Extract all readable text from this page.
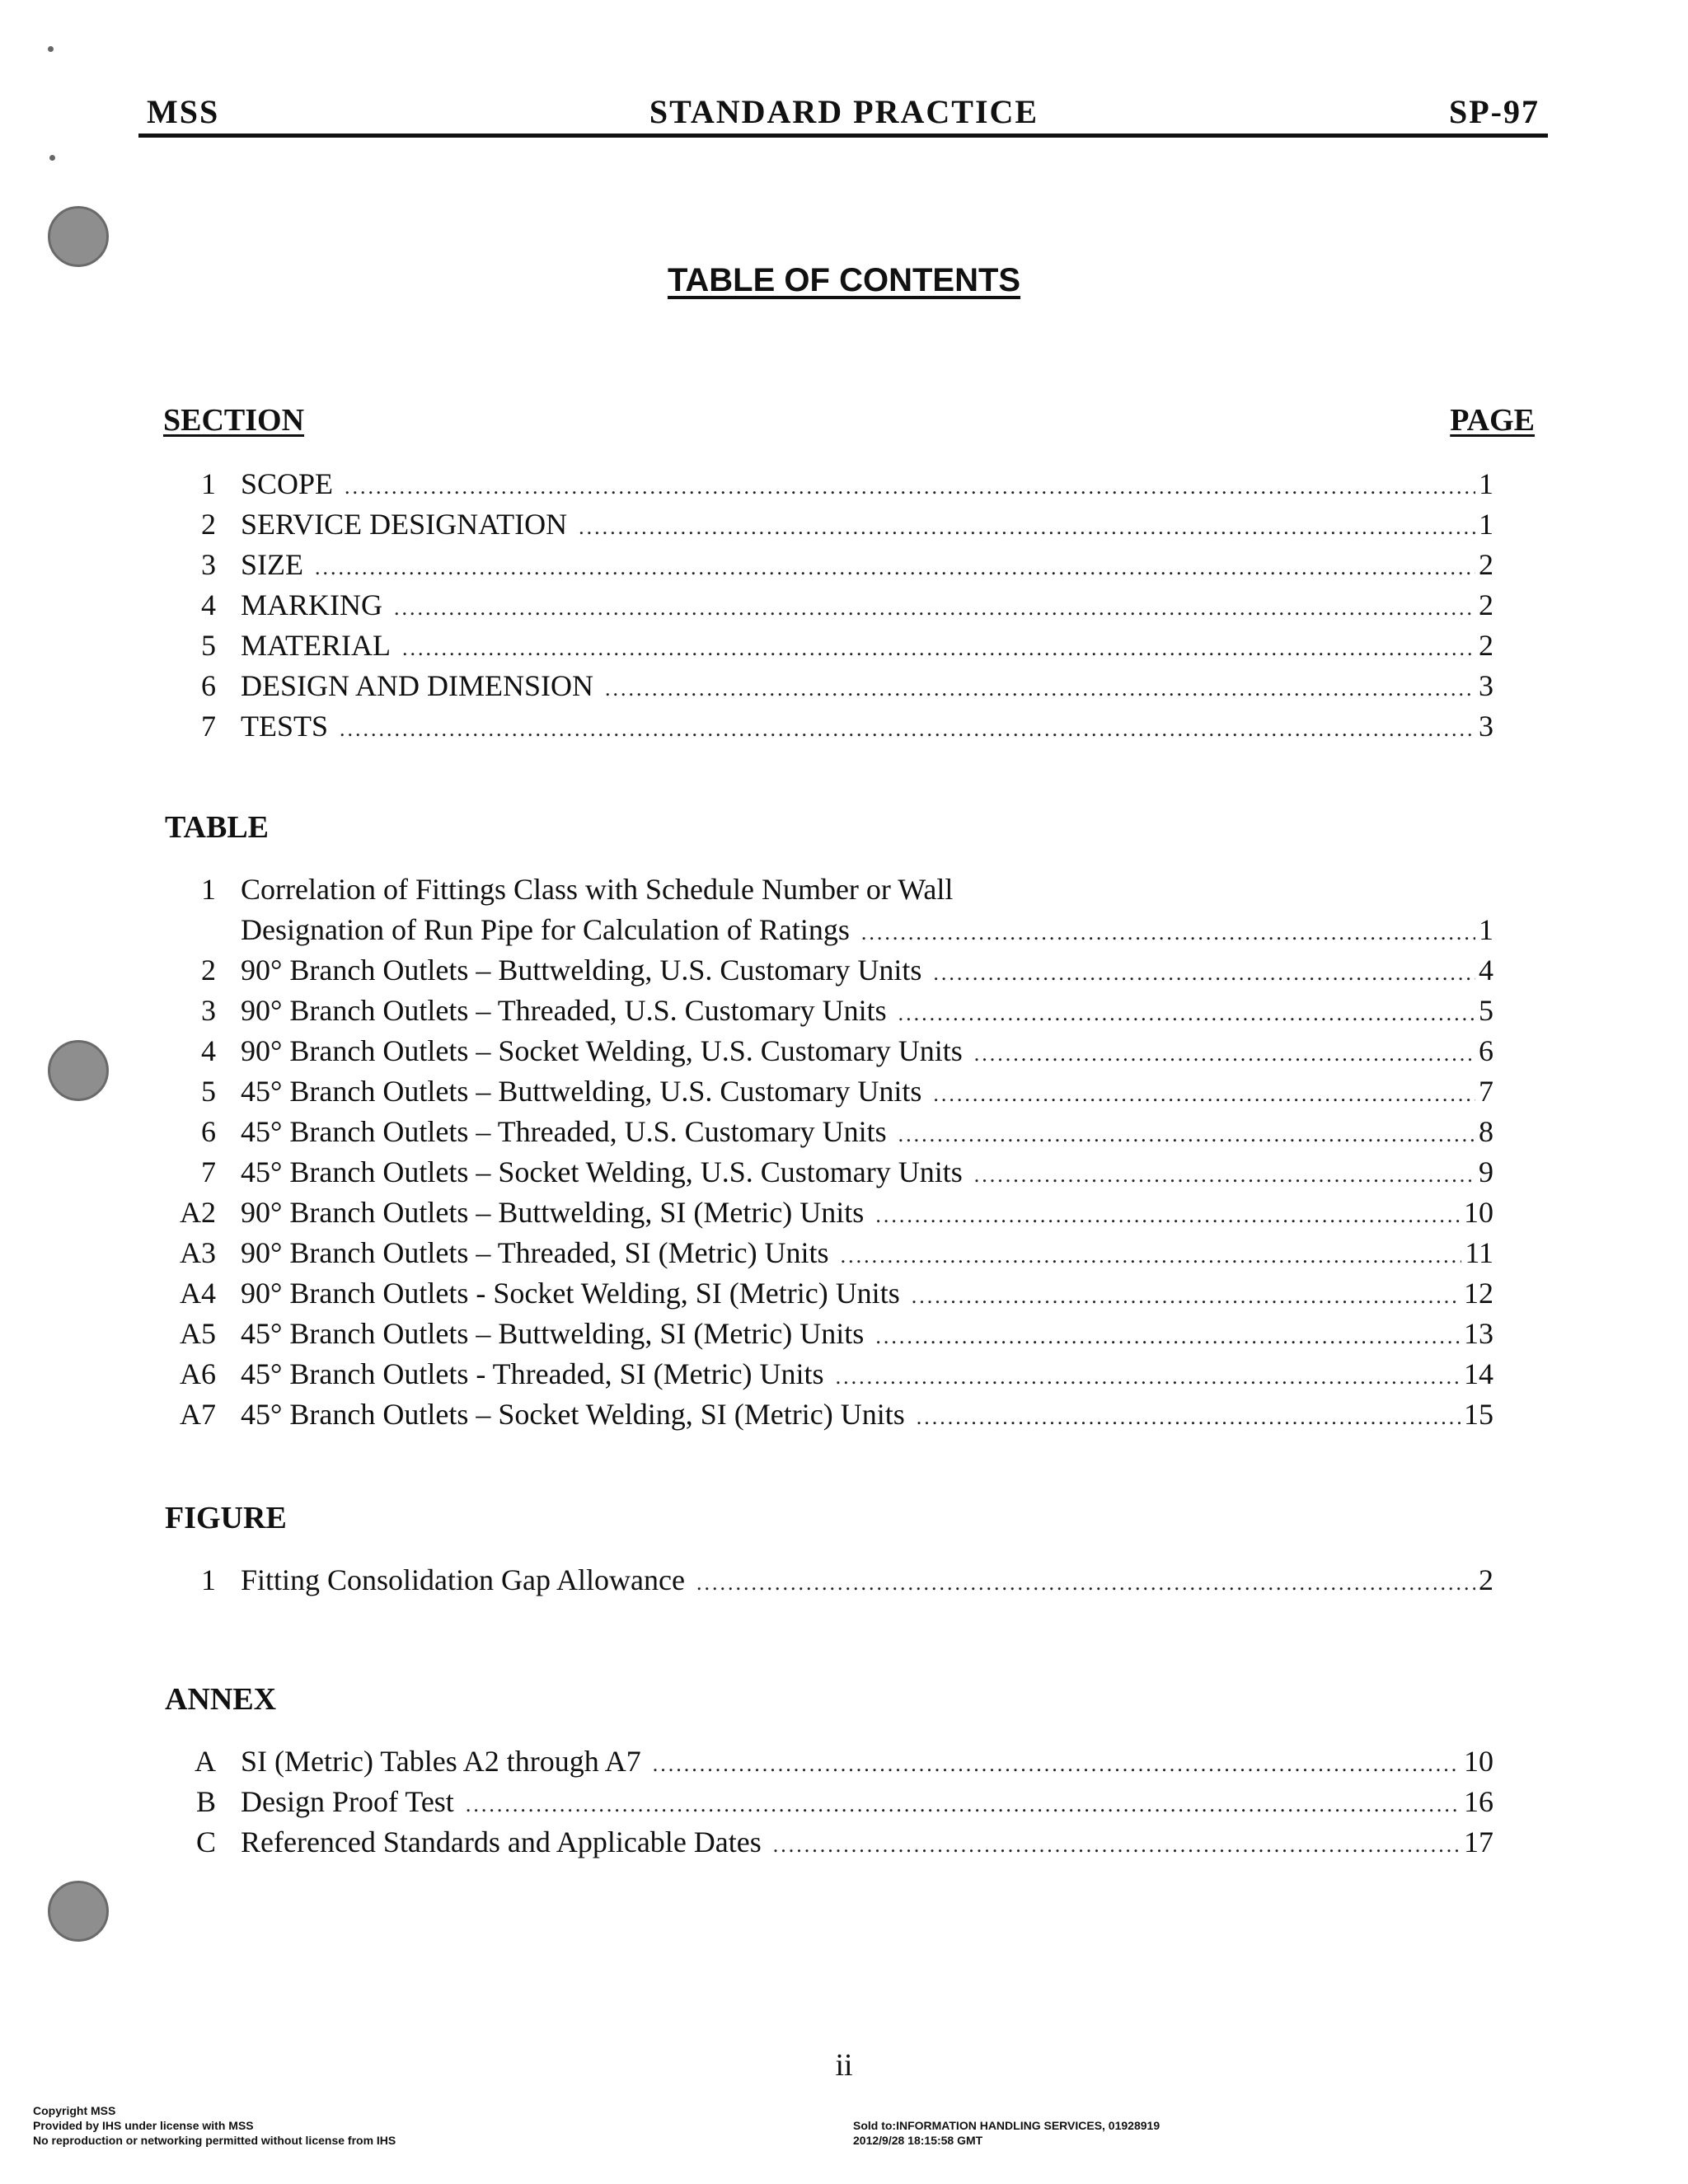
MSS	STANDARD PRACTICE	SP-97
TABLE OF CONTENTS
SECTION	PAGE
1 SCOPE .....	1
2 SERVICE DESIGNATION .....	1
3 SIZE .....	2
4 MARKING .....	2
5 MATERIAL .....	2
6 DESIGN AND DIMENSION .....	3
7 TESTS .....	3
TABLE
1 Correlation of Fittings Class with Schedule Number or Wall
Designation of Run Pipe for Calculation of Ratings .....	1
2 90° Branch Outlets – Buttwelding, U.S. Customary Units .....	4
3 90° Branch Outlets – Threaded, U.S. Customary Units .....	5
4 90° Branch Outlets – Socket Welding, U.S. Customary Units .....	6
5 45° Branch Outlets – Buttwelding, U.S. Customary Units .....	7
6 45° Branch Outlets – Threaded, U.S. Customary Units .....	8
7 45° Branch Outlets – Socket Welding, U.S. Customary Units .....	9
A2 90° Branch Outlets – Buttwelding, SI (Metric) Units .....	10
A3 90° Branch Outlets – Threaded, SI (Metric) Units .....	11
A4 90° Branch Outlets - Socket Welding, SI (Metric) Units .....	12
A5 45° Branch Outlets – Buttwelding, SI (Metric) Units .....	13
A6 45° Branch Outlets - Threaded, SI (Metric) Units .....	14
A7 45° Branch Outlets – Socket Welding, SI (Metric) Units .....	15
FIGURE
1 Fitting Consolidation Gap Allowance .....	2
ANNEX
A SI (Metric) Tables A2 through A7 .....	10
B Design Proof Test .....	16
C Referenced Standards and Applicable Dates .....	17
ii
Copyright MSS
Provided by IHS under license with MSS
No reproduction or networking permitted without license from IHS
Sold to:INFORMATION HANDLING SERVICES, 01928919
2012/9/28 18:15:58 GMT
